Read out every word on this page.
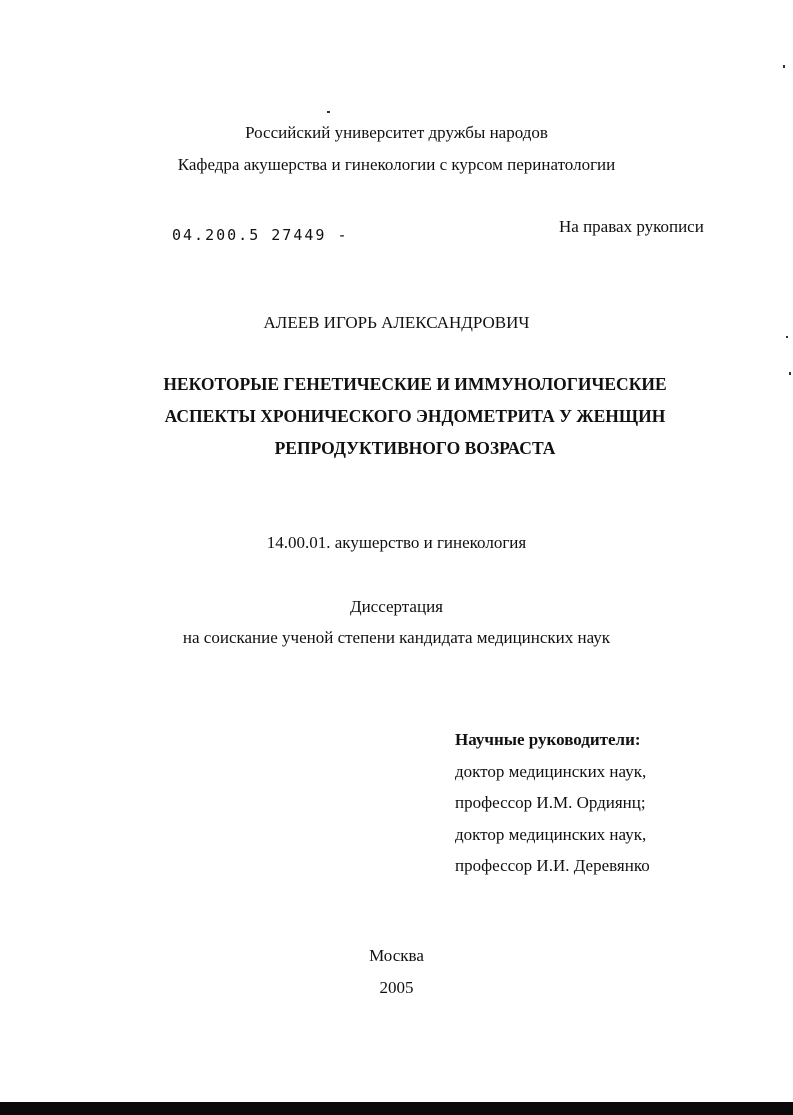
Российский университет дружбы народов
Кафедра акушерства и гинекологии с курсом перинатологии
04.200.5 27449 -	На правах рукописи
АЛЕЕВ ИГОРЬ АЛЕКСАНДРОВИЧ
НЕКОТОРЫЕ ГЕНЕТИЧЕСКИЕ И ИММУНОЛОГИЧЕСКИЕ
АСПЕКТЫ ХРОНИЧЕСКОГО ЭНДОМЕТРИТА У ЖЕНЩИН
РЕПРОДУКТИВНОГО ВОЗРАСТА
14.00.01. акушерство и гинекология
Диссертация
на соискание ученой степени кандидата медицинских наук
Научные руководители:
доктор медицинских наук,
профессор И.М. Ордиянц;
доктор медицинских наук,
профессор И.И. Деревянко
Москва
2005
